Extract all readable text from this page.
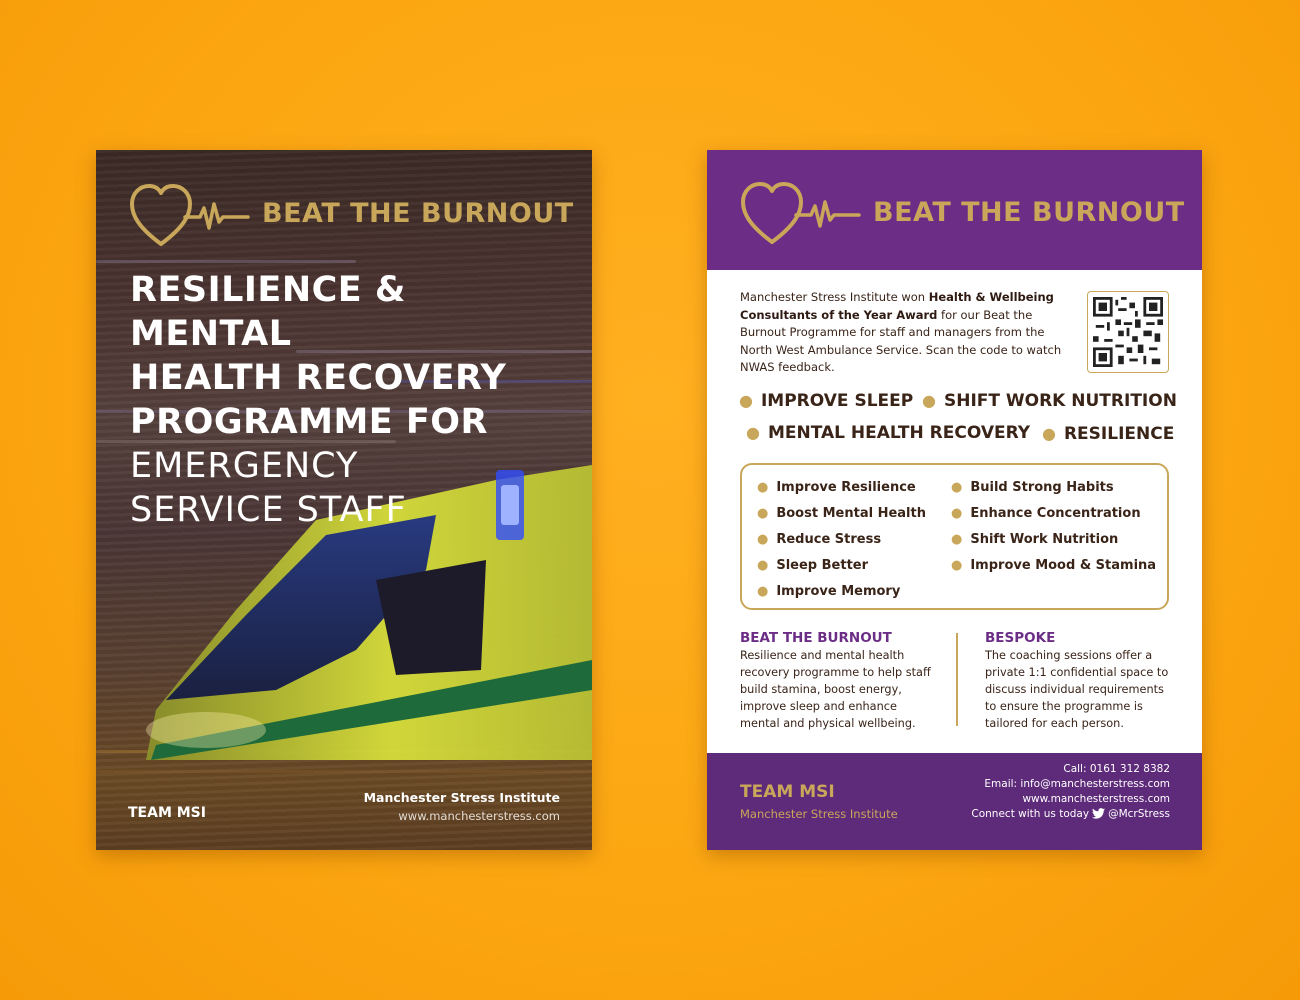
BEAT THE BURNOUT
RESILIENCE & MENTAL
HEALTH RECOVERY
PROGRAMME FOR
EMERGENCY
SERVICE STAFF
TEAM MSI
Manchester Stress Institute
www.manchesterstress.com
BEAT THE BURNOUT
Manchester Stress Institute won Health & Wellbeing Consultants of the Year Award for our Beat the Burnout Programme for staff and managers from the North West Ambulance Service. Scan the code to watch NWAS feedback.
● IMPROVE SLEEP ● SHIFT WORK NUTRITION
● MENTAL HEALTH RECOVERY ● RESILIENCE
● Improve Resilience
● Boost Mental Health
● Reduce Stress
● Sleep Better
● Improve Memory
● Build Strong Habits
● Enhance Concentration
● Shift Work Nutrition
● Improve Mood & Stamina
BEAT THE BURNOUT
Resilience and mental health recovery programme to help staff build stamina, boost energy, improve sleep and enhance mental and physical wellbeing.
BESPOKE
The coaching sessions offer a private 1:1 confidential space to discuss individual requirements to ensure the programme is tailored for each person.
TEAM MSI
Manchester Stress Institute
Call: 0161 312 8382
Email: info@manchesterstress.com
www.manchesterstress.com
Connect with us today @McrStress
